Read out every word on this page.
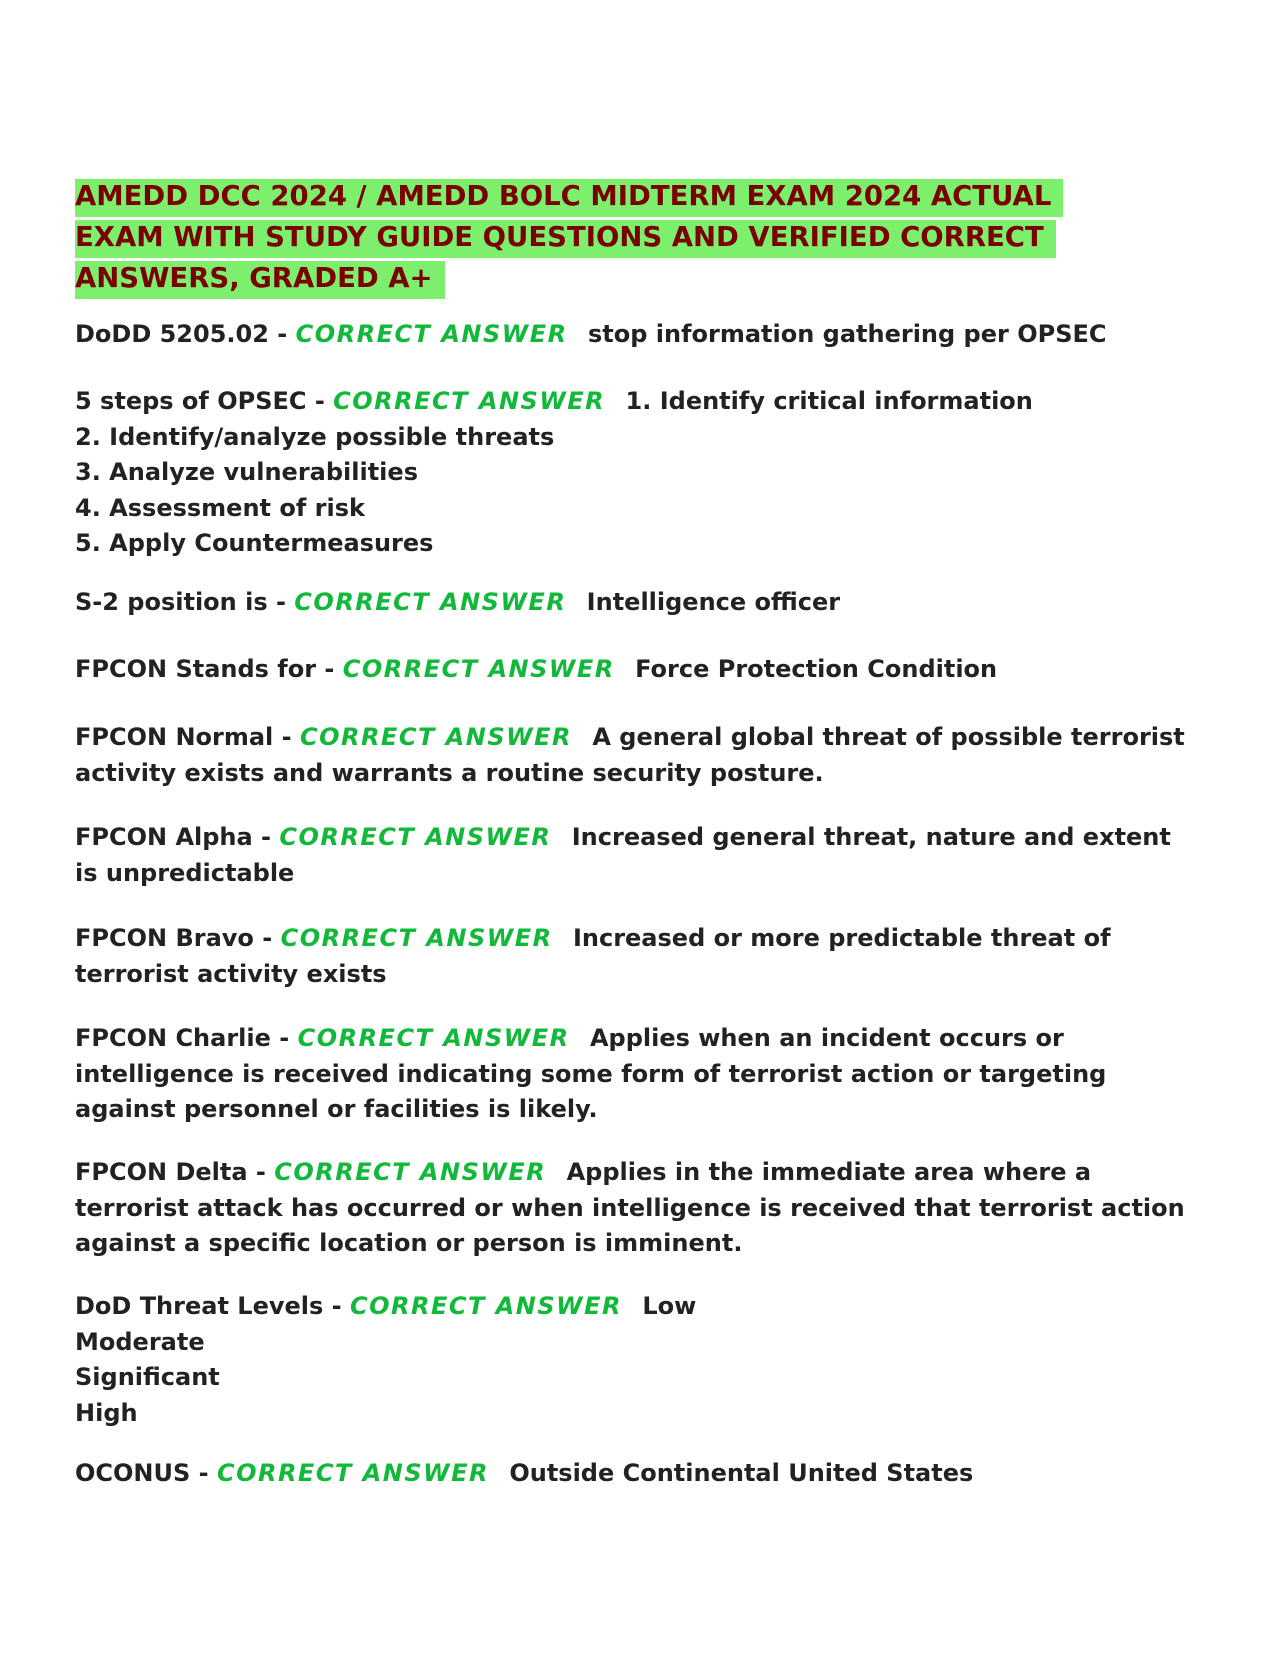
AMEDD DCC 2024 / AMEDD BOLC MIDTERM EXAM 2024 ACTUAL
EXAM WITH STUDY GUIDE QUESTIONS AND VERIFIED CORRECT
ANSWERS, GRADED A+
DoDD 5205.02 - CORRECT ANSWER stop information gathering per OPSEC
5 steps of OPSEC - CORRECT ANSWER 1. Identify critical information
2. Identify/analyze possible threats
3. Analyze vulnerabilities
4. Assessment of risk
5. Apply Countermeasures
S-2 position is - CORRECT ANSWER Intelligence officer
FPCON Stands for - CORRECT ANSWER Force Protection Condition
FPCON Normal - CORRECT ANSWER A general global threat of possible terrorist
activity exists and warrants a routine security posture.
FPCON Alpha - CORRECT ANSWER Increased general threat, nature and extent
is unpredictable
FPCON Bravo - CORRECT ANSWER Increased or more predictable threat of
terrorist activity exists
FPCON Charlie - CORRECT ANSWER Applies when an incident occurs or
intelligence is received indicating some form of terrorist action or targeting
against personnel or facilities is likely.
FPCON Delta - CORRECT ANSWER Applies in the immediate area where a
terrorist attack has occurred or when intelligence is received that terrorist action
against a specific location or person is imminent.
DoD Threat Levels - CORRECT ANSWER Low
Moderate
Significant
High
OCONUS - CORRECT ANSWER Outside Continental United States
